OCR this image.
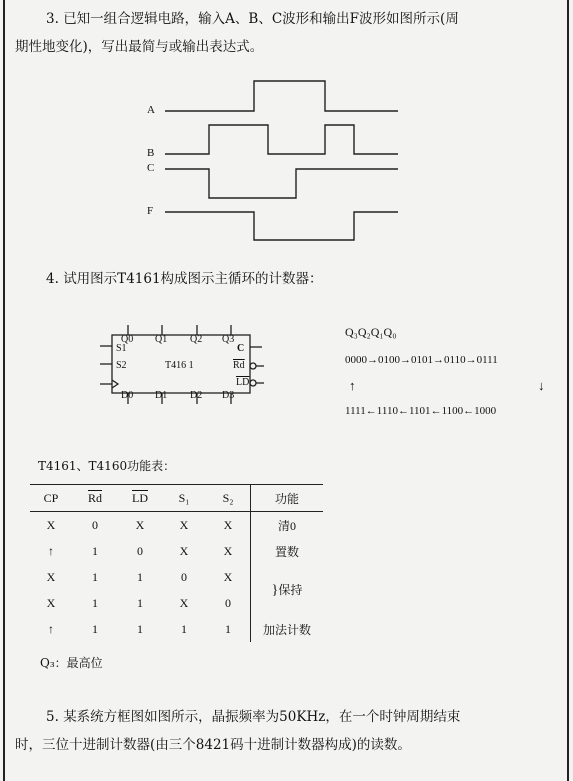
3. 已知一组合逻辑电路，输入A、B、C波形和输出F波形如图所示(周
期性地变化)，写出最简与或输出表达式。
A
B
C
F
4. 试用图示T4161构成图示主循环的计数器：
Q0 Q1 Q2 Q3
D0 D1 D2 D3
S1
S2	T416 1
C
$\overline{Rd}$
$\overline{LD}$
Q₃Q₂Q₁Q₀
0000→0100→0101→0110→0111
↑	↓
1111←1110←1101←1100←1000
T4161、T4160功能表：
CP	$\overline{Rd}$	$\overline{LD}$	S₁	S₂	功能
X	0	X	X	X	清0
↑	1	0	X	X	置数
X	1	1	0	X	}保持
X	1	1	X	0	
↑	1	1	1	1	加法计数
Q₃：最高位
5. 某系统方框图如图所示，晶振频率为50KHz，在一个时钟周期结束
时，三位十进制计数器(由三个8421码十进制计数器构成)的读数。
